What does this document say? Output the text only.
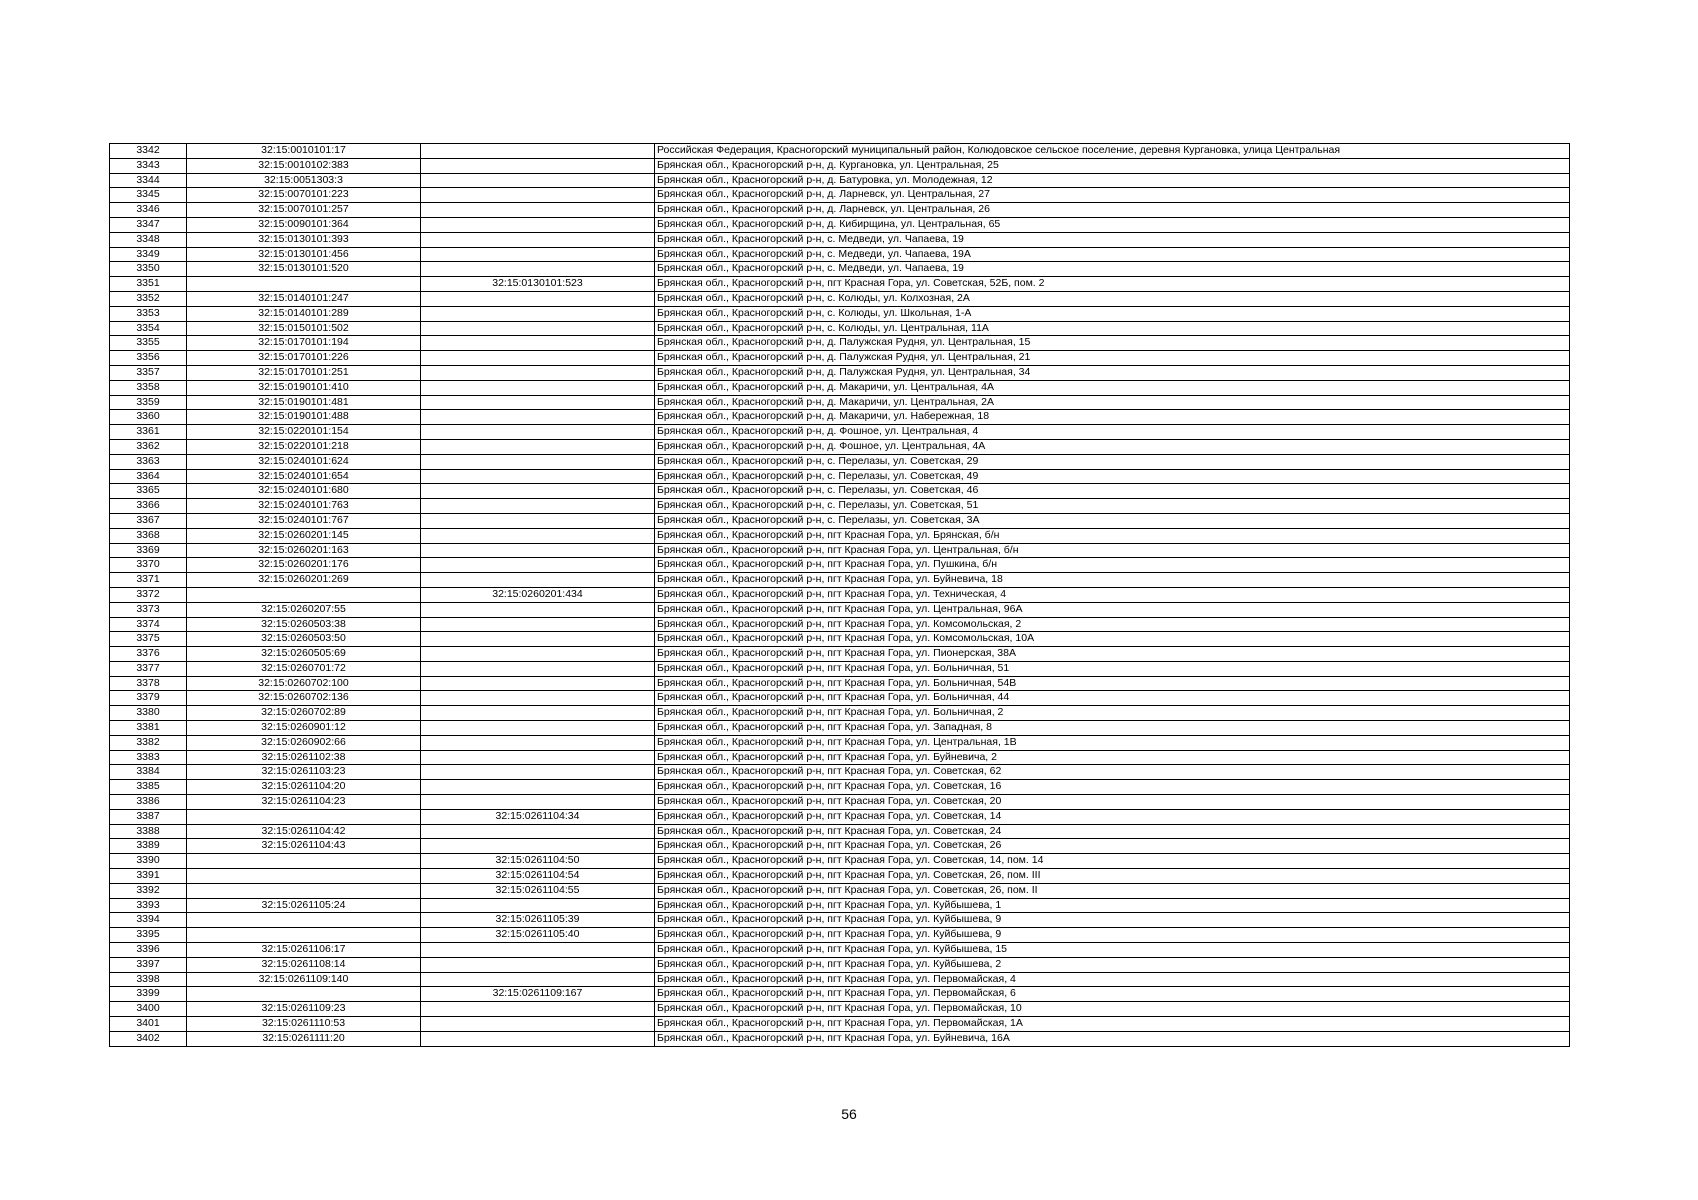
3342	32:15:0010101:17		Российская Федерация, Красногорский муниципальный район, Колюдовское сельское поселение, деревня Кургановка, улица Центральная
3343	32:15:0010102:383		Брянская обл., Красногорский р-н, д. Кургановка, ул. Центральная, 25
3344	32:15:0051303:3		Брянская обл., Красногорский р-н, д. Батуровка, ул. Молодежная, 12
3345	32:15:0070101:223		Брянская обл., Красногорский р-н, д. Ларневск, ул. Центральная, 27
3346	32:15:0070101:257		Брянская обл., Красногорский р-н, д. Ларневск, ул. Центральная, 26
3347	32:15:0090101:364		Брянская обл., Красногорский р-н, д. Кибирщина, ул. Центральная, 65
3348	32:15:0130101:393		Брянская обл., Красногорский р-н, с. Медведи, ул. Чапаева, 19
3349	32:15:0130101:456		Брянская обл., Красногорский р-н, с. Медведи, ул. Чапаева, 19А
3350	32:15:0130101:520		Брянская обл., Красногорский р-н, с. Медведи, ул. Чапаева, 19
3351		32:15:0130101:523	Брянская обл., Красногорский р-н, пгт Красная Гора, ул. Советская, 52Б, пом. 2
3352	32:15:0140101:247		Брянская обл., Красногорский р-н, с. Колюды, ул. Колхозная, 2А
3353	32:15:0140101:289		Брянская обл., Красногорский р-н, с. Колюды, ул. Школьная, 1-А
3354	32:15:0150101:502		Брянская обл., Красногорский р-н, с. Колюды, ул. Центральная, 11А
3355	32:15:0170101:194		Брянская обл., Красногорский р-н, д. Палужская Рудня, ул. Центральная, 15
3356	32:15:0170101:226		Брянская обл., Красногорский р-н, д. Палужская Рудня, ул. Центральная, 21
3357	32:15:0170101:251		Брянская обл., Красногорский р-н, д. Палужская Рудня, ул. Центральная, 34
3358	32:15:0190101:410		Брянская обл., Красногорский р-н, д. Макаричи, ул. Центральная, 4А
3359	32:15:0190101:481		Брянская обл., Красногорский р-н, д. Макаричи, ул. Центральная, 2А
3360	32:15:0190101:488		Брянская обл., Красногорский р-н, д. Макаричи, ул. Набережная, 18
3361	32:15:0220101:154		Брянская обл., Красногорский р-н, д. Фошное, ул. Центральная, 4
3362	32:15:0220101:218		Брянская обл., Красногорский р-н, д. Фошное, ул. Центральная, 4А
3363	32:15:0240101:624		Брянская обл., Красногорский р-н, с. Перелазы, ул. Советская, 29
3364	32:15:0240101:654		Брянская обл., Красногорский р-н, с. Перелазы, ул. Советская, 49
3365	32:15:0240101:680		Брянская обл., Красногорский р-н, с. Перелазы, ул. Советская, 46
3366	32:15:0240101:763		Брянская обл., Красногорский р-н, с. Перелазы, ул. Советская, 51
3367	32:15:0240101:767		Брянская обл., Красногорский р-н, с. Перелазы, ул. Советская, 3А
3368	32:15:0260201:145		Брянская обл., Красногорский р-н, пгт Красная Гора, ул. Брянская, б/н
3369	32:15:0260201:163		Брянская обл., Красногорский р-н, пгт Красная Гора, ул. Центральная, б/н
3370	32:15:0260201:176		Брянская обл., Красногорский р-н, пгт Красная Гора, ул. Пушкина, б/н
3371	32:15:0260201:269		Брянская обл., Красногорский р-н, пгт Красная Гора, ул. Буйневича, 18
3372		32:15:0260201:434	Брянская обл., Красногорский р-н, пгт Красная Гора, ул. Техническая, 4
3373	32:15:0260207:55		Брянская обл., Красногорский р-н, пгт Красная Гора, ул. Центральная, 96А
3374	32:15:0260503:38		Брянская обл., Красногорский р-н, пгт Красная Гора, ул. Комсомольская, 2
3375	32:15:0260503:50		Брянская обл., Красногорский р-н, пгт Красная Гора, ул. Комсомольская, 10А
3376	32:15:0260505:69		Брянская обл., Красногорский р-н, пгт Красная Гора, ул. Пионерская, 38А
3377	32:15:0260701:72		Брянская обл., Красногорский р-н, пгт Красная Гора, ул. Больничная, 51
3378	32:15:0260702:100		Брянская обл., Красногорский р-н, пгт Красная Гора, ул. Больничная, 54В
3379	32:15:0260702:136		Брянская обл., Красногорский р-н, пгт Красная Гора, ул. Больничная, 44
3380	32:15:0260702:89		Брянская обл., Красногорский р-н, пгт Красная Гора, ул. Больничная, 2
3381	32:15:0260901:12		Брянская обл., Красногорский р-н, пгт Красная Гора, ул. Западная, 8
3382	32:15:0260902:66		Брянская обл., Красногорский р-н, пгт Красная Гора, ул. Центральная, 1В
3383	32:15:0261102:38		Брянская обл., Красногорский р-н, пгт Красная Гора, ул. Буйневича, 2
3384	32:15:0261103:23		Брянская обл., Красногорский р-н, пгт Красная Гора, ул. Советская, 62
3385	32:15:0261104:20		Брянская обл., Красногорский р-н, пгт Красная Гора, ул. Советская, 16
3386	32:15:0261104:23		Брянская обл., Красногорский р-н, пгт Красная Гора, ул. Советская, 20
3387		32:15:0261104:34	Брянская обл., Красногорский р-н, пгт Красная Гора, ул. Советская, 14
3388	32:15:0261104:42		Брянская обл., Красногорский р-н, пгт Красная Гора, ул. Советская, 24
3389	32:15:0261104:43		Брянская обл., Красногорский р-н, пгт Красная Гора, ул. Советская, 26
3390		32:15:0261104:50	Брянская обл., Красногорский р-н, пгт Красная Гора, ул. Советская, 14, пом. 14
3391		32:15:0261104:54	Брянская обл., Красногорский р-н, пгт Красная Гора, ул. Советская, 26, пом. III
3392		32:15:0261104:55	Брянская обл., Красногорский р-н, пгт Красная Гора, ул. Советская, 26, пом. II
3393	32:15:0261105:24		Брянская обл., Красногорский р-н, пгт Красная Гора, ул. Куйбышева, 1
3394		32:15:0261105:39	Брянская обл., Красногорский р-н, пгт Красная Гора, ул. Куйбышева, 9
3395		32:15:0261105:40	Брянская обл., Красногорский р-н, пгт Красная Гора, ул. Куйбышева, 9
3396	32:15:0261106:17		Брянская обл., Красногорский р-н, пгт Красная Гора, ул. Куйбышева, 15
3397	32:15:0261108:14		Брянская обл., Красногорский р-н, пгт Красная Гора, ул. Куйбышева, 2
3398	32:15:0261109:140		Брянская обл., Красногорский р-н, пгт Красная Гора, ул. Первомайская, 4
3399		32:15:0261109:167	Брянская обл., Красногорский р-н, пгт Красная Гора, ул. Первомайская, 6
3400	32:15:0261109:23		Брянская обл., Красногорский р-н, пгт Красная Гора, ул. Первомайская, 10
3401	32:15:0261110:53		Брянская обл., Красногорский р-н, пгт Красная Гора, ул. Первомайская, 1А
3402	32:15:0261111:20		Брянская обл., Красногорский р-н, пгт Красная Гора, ул. Буйневича, 16А
56
